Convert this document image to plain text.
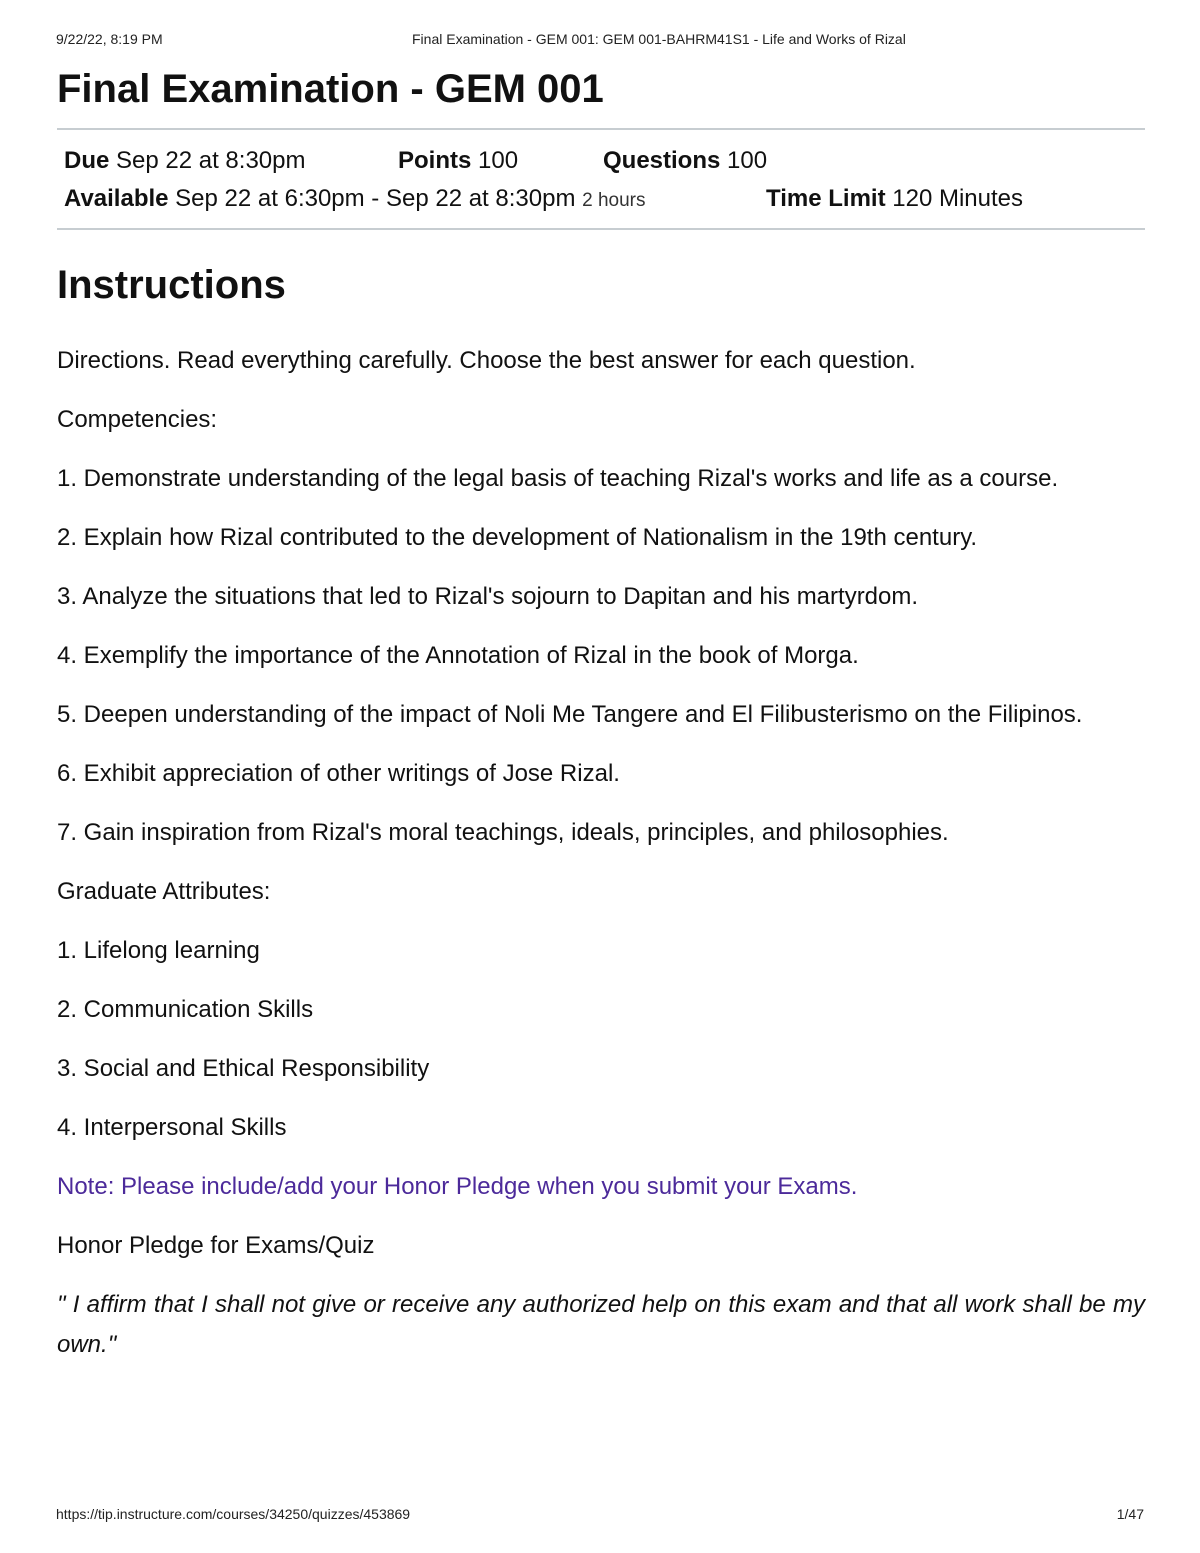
9/22/22, 8:19 PM	Final Examination - GEM 001: GEM 001-BAHRM41S1 - Life and Works of Rizal
Final Examination - GEM 001
Due Sep 22 at 8:30pm	Points 100	Questions 100
Available Sep 22 at 6:30pm - Sep 22 at 8:30pm 2 hours	Time Limit 120 Minutes
Instructions

Directions. Read everything carefully. Choose the best answer for each question.

Competencies:

1. Demonstrate understanding of the legal basis of teaching Rizal's works and life as a course.

2. Explain how Rizal contributed to the development of Nationalism in the 19th century.

3. Analyze the situations that led to Rizal's sojourn to Dapitan and his martyrdom.

4. Exemplify the importance of the Annotation of Rizal in the book of Morga.

5. Deepen understanding of the impact of Noli Me Tangere and El Filibusterismo on the Filipinos.

6. Exhibit appreciation of other writings of Jose Rizal.

7. Gain inspiration from Rizal's moral teachings, ideals, principles, and philosophies.

Graduate Attributes:

1. Lifelong learning

2. Communication Skills

3. Social and Ethical Responsibility

4. Interpersonal Skills

Note: Please include/add your Honor Pledge when you submit your Exams.

Honor Pledge for Exams/Quiz

" I affirm that I shall not give or receive any authorized help on this exam and that all work shall be my own."

https://tip.instructure.com/courses/34250/quizzes/453869	1/47
